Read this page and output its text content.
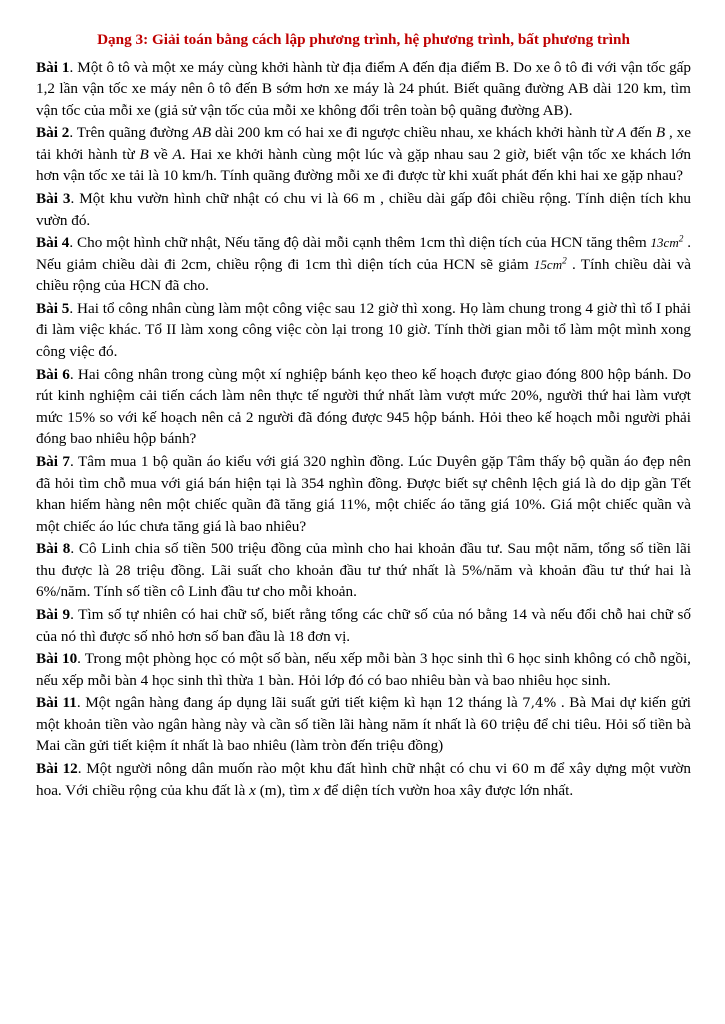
Dạng 3: Giải toán bằng cách lập phương trình, hệ phương trình, bất phương trình

Bài 1. Một ô tô và một xe máy cùng khởi hành từ địa điểm A đến địa điểm B. Do xe ô tô đi với vận tốc gấp 1,2 lần vận tốc xe máy nên ô tô đến B sớm hơn xe máy là 24 phút. Biết quãng đường AB dài 120 km, tìm vận tốc của mỗi xe (giả sử vận tốc của mỗi xe không đổi trên toàn bộ quãng đường AB).

Bài 2. Trên quãng đường AB dài 200 km có hai xe đi ngược chiều nhau, xe khách khởi hành từ A đến B , xe tải khởi hành từ B về A. Hai xe khởi hành cùng một lúc và gặp nhau sau 2 giờ, biết vận tốc xe khách lớn hơn vận tốc xe tải là 10 km/h. Tính quãng đường mỗi xe đi được từ khi xuất phát đến khi hai xe gặp nhau?

Bài 3. Một khu vườn hình chữ nhật có chu vi là 66 m , chiều dài gấp đôi chiều rộng. Tính diện tích khu vườn đó.

Bài 4. Cho một hình chữ nhật, Nếu tăng độ dài mỗi cạnh thêm 1cm thì diện tích của HCN tăng thêm $13cm^2$ . Nếu giảm chiều dài đi 2cm, chiều rộng đi 1cm thì diện tích của HCN sẽ giảm $15cm^2$ . Tính chiều dài và chiều rộng của HCN đã cho.

Bài 5. Hai tổ công nhân cùng làm một công việc sau 12 giờ thì xong. Họ làm chung trong 4 giờ thì tổ I phải đi làm việc khác. Tổ II làm xong công việc còn lại trong 10 giờ. Tính thời gian mỗi tổ làm một mình xong công việc đó.

Bài 6. Hai công nhân trong cùng một xí nghiệp bánh kẹo theo kế hoạch được giao đóng 800 hộp bánh. Do rút kinh nghiệm cải tiến cách làm nên thực tế người thứ nhất làm vượt mức 20%, người thứ hai làm vượt mức 15% so với kế hoạch nên cả 2 người đã đóng được 945 hộp bánh. Hỏi theo kế hoạch mỗi người phải đóng bao nhiêu hộp bánh?

Bài 7. Tâm mua 1 bộ quần áo kiểu với giá 320 nghìn đồng. Lúc Duyên gặp Tâm thấy bộ quần áo đẹp nên đã hỏi tìm chỗ mua với giá bán hiện tại là 354 nghìn đồng. Được biết sự chênh lệch giá là do dịp gần Tết khan hiếm hàng nên một chiếc quần đã tăng giá 11%, một chiếc áo tăng giá 10%. Giá một chiếc quần và một chiếc áo lúc chưa tăng giá là bao nhiêu?

Bài 8. Cô Linh chia số tiền 500 triệu đồng của mình cho hai khoản đầu tư. Sau một năm, tổng số tiền lãi thu được là 28 triệu đồng. Lãi suất cho khoản đầu tư thứ nhất là 5%/năm và khoản đầu tư thứ hai là 6%/năm. Tính số tiền cô Linh đầu tư cho mỗi khoản.

Bài 9. Tìm số tự nhiên có hai chữ số, biết rằng tổng các chữ số của nó bằng 14 và nếu đổi chỗ hai chữ số của nó thì được số nhỏ hơn số ban đầu là 18 đơn vị.

Bài 10. Trong một phòng học có một số bàn, nếu xếp mỗi bàn 3 học sinh thì 6 học sinh không có chỗ ngồi, nếu xếp mỗi bàn 4 học sinh thì thừa 1 bàn. Hỏi lớp đó có bao nhiêu bàn và bao nhiêu học sinh.

Bài 11. Một ngân hàng đang áp dụng lãi suất gửi tiết kiệm kì hạn 12 tháng là 7,4% . Bà Mai dự kiến gửi một khoản tiền vào ngân hàng này và cần số tiền lãi hàng năm ít nhất là 60 triệu để chi tiêu. Hỏi số tiền bà Mai cần gửi tiết kiệm ít nhất là bao nhiêu (làm tròn đến triệu đồng)

Bài 12. Một người nông dân muốn rào một khu đất hình chữ nhật có chu vi 60 m để xây dựng một vườn hoa. Với chiều rộng của khu đất là x (m), tìm x để diện tích vườn hoa xây được lớn nhất.
